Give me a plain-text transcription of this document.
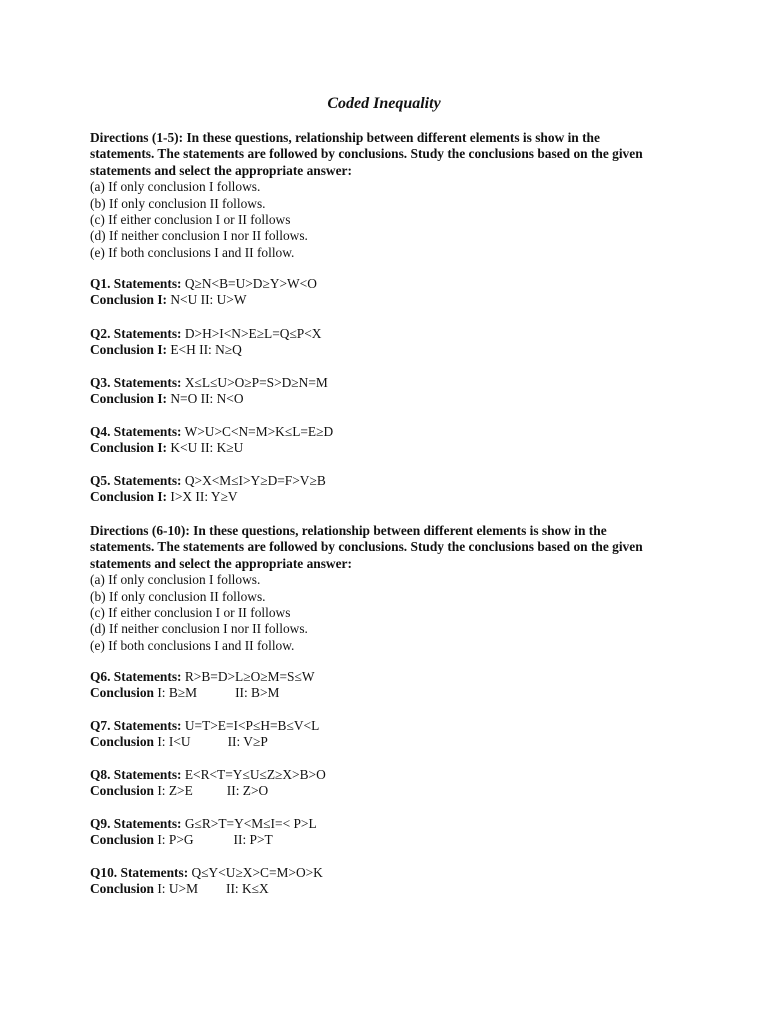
Coded Inequality
Directions (1-5): In these questions, relationship between different elements is show in the
statements. The statements are followed by conclusions. Study the conclusions based on the given
statements and select the appropriate answer:
(a) If only conclusion I follows.
(b) If only conclusion II follows.
(c) If either conclusion I or II follows
(d) If neither conclusion I nor II follows.
(e) If both conclusions I and II follow.
Q1. Statements: Q≥N<B=U>D≥Y>W<O
Conclusion I: N<U II: U>W
Q2. Statements: D>H>I<N>E≥L=Q≤P<X
Conclusion I: E<H II: N≥Q
Q3. Statements: X≤L≤U>O≥P=S>D≥N=M
Conclusion I: N=O II: N<O
Q4. Statements: W>U>C<N=M>K≤L=E≥D
Conclusion I: K<U II: K≥U
Q5. Statements: Q>X<M≤I>Y≥D=F>V≥B
Conclusion I: I>X II: Y≥V
Directions (6-10): In these questions, relationship between different elements is show in the
statements. The statements are followed by conclusions. Study the conclusions based on the given
statements and select the appropriate answer:
(a) If only conclusion I follows.
(b) If only conclusion II follows.
(c) If either conclusion I or II follows
(d) If neither conclusion I nor II follows.
(e) If both conclusions I and II follow.
Q6. Statements: R>B=D>L≥O≥M=S≤W
Conclusion I: B≥M	II: B>M
Q7. Statements: U=T>E=I<P≤H=B≤V<L
Conclusion I: I<U	II: V≥P
Q8. Statements: E<R<T=Y≤U≤Z≥X>B>O
Conclusion I: Z>E	II: Z>O
Q9. Statements: G≤R>T=Y<M≤I=< P>L
Conclusion I: P>G	II: P>T
Q10. Statements: Q≤Y<U≥X>C=M>O>K
Conclusion I: U>M II: K≤X
